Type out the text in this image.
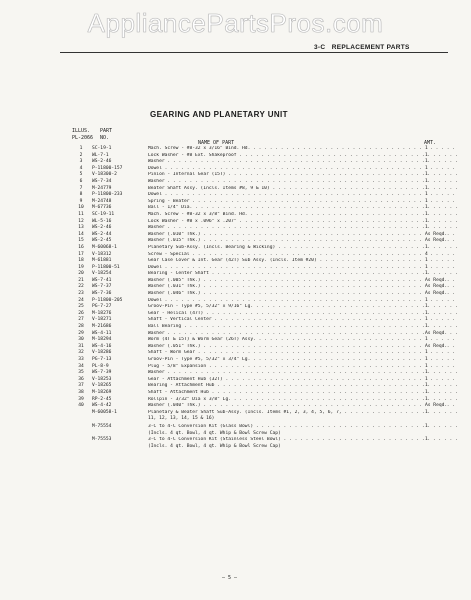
AppliancePartsPros.com
3-C REPLACEMENT PARTS
GEARING AND PLANETARY UNIT
ILLUS. PART
PL-2066 NO.
NAME OF PART	AMT.
1	SC-19-1	Mach. Screw - #8-32 x 3/16" Bind. Hd. . . .	1
2	WL-7-1	Lock Washer - #8 Ext. Shakeproof . . .	1
3	WS-2-46	Washer . . .	1
4	P-11800-157	Dowel . . .	1
5	V-18300-2	Pinion - Internal Gear (15T) . . .	1
6	WS-7-34	Washer . . .	1
7	M-24779	Beater Shaft Assy. (Incls. Items #8, 9 & 10) . . .	1
8	P-11800-233	Dowel . . .	1
9	M-24748	Spring - Beater . . .	1
10	M-67736	Ball - 1/4" Dia. . . .	1
11	SC-19-11	Mach. Screw - #8-32 x 3/8" Bind. Hd. . . .	1
12	WL-5-16	Lock Washer - #8 x .096" x .207" . . .	1
13	WS-2-46	Washer . . .	1
14	WS-2-44	Washer (.010" Thk.) . . .	As Reqd.
15	WS-2-45	Washer (.015" Thk.) . . .	As Reqd.
16	M-60068-1	Planetary Sub-Assy. (Incls. Bearing & Wicking) . . .	1
17	V-18312	Screw - Special . . .	4
18	M-61881	Gear Case Cover & Int. Gear (42T) Sub Assy. (Incls. Item #20) . . .	1
19	P-11800-51	Dowel . . .	1
20	V-18254	Bearing - Center Shaft . . .	1
21	WS-7-41	Washer (.005" Thk.) . . .	As Reqd.
22	WS-7-37	Washer (.031" Thk.) . . .	As Reqd.
23	WS-7-36	Washer (.046" Thk.) . . .	As Reqd.
24	P-11800-205	Dowel . . .	1
25	PG-7-27	Groov-Pin - Type #5, 5/32" x 9/16" Lg. . . .	1
26	M-18276	Gear - Helical (47T) . . .	1
27	V-18271	Shaft - Vertical Center . . .	1
28	M-21686	Ball Bearing . . .	1
29	WS-4-11	Washer . . .	As Reqd.
30	M-18294	Worm (4T & 15T) & Worm Gear (26T) Assy. . . .	1
31	WS-4-16	Washer (.051" Thk.) . . .	As Reqd.
32	V-18286	Shaft - Worm Gear . . .	1
33	PG-7-13	Groov-Pin - Type #5, 5/32" x 3/4" Lg. . . .	1
34	PL-8-9	Plug - 5/8" Expansion . . .	1
35	WS-7-39	Washer . . .	1
36	V-18253	Gear - Attachment Hub (32T) . . .	1
37	V-18265	Bearing - Attachment Hub . . .	1
38	M-18269	Shaft - Attachment Hub . . .	1
39	RP-2-45	Rollpin - 3/32" Dia x 3/8" Lg. . . .	1
40	WS-4-42	Washer (.040" Thk.) . . .	As Reqd.
M-60058-1	Planetary & Beater Shaft Sub-Assy. (Incls. Items #1, 2, 3, 4, 5, 6, 7, . . .	1
11, 12, 13, 14, 15 & 16)
M-75554	3-C to 4-C Conversion Kit (Glass Bowl) . . .	1
(Incls. 4 qt. Bowl, 4 qt. Whip & Bowl Screw Cap)
M-75553	3-C to 4-C Conversion Kit (Stainless Steel Bowl) . . .	1
(Incls. 4 qt. Bowl, 4 qt. Whip & Bowl Screw Cap)
— 5 —
